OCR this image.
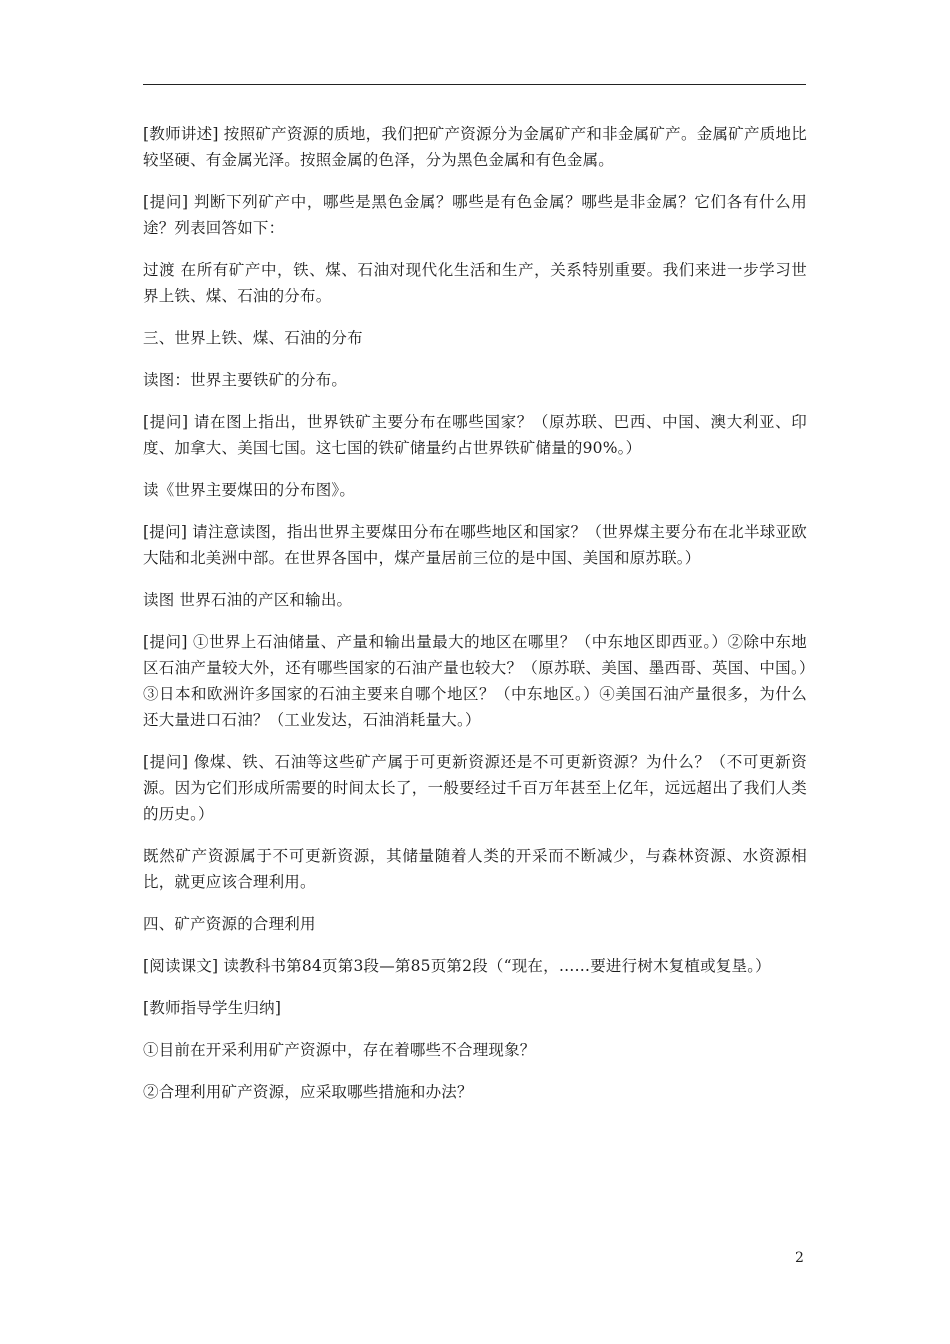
[教师讲述] 按照矿产资源的质地，我们把矿产资源分为金属矿产和非金属矿产。金属矿产质地比较坚硬、有金属光泽。按照金属的色泽，分为黑色金属和有色金属。

[提问] 判断下列矿产中，哪些是黑色金属？哪些是有色金属？哪些是非金属？它们各有什么用途？列表回答如下：

过渡 在所有矿产中，铁、煤、石油对现代化生活和生产，关系特别重要。我们来进一步学习世界上铁、煤、石油的分布。

三、世界上铁、煤、石油的分布

读图：世界主要铁矿的分布。

[提问] 请在图上指出，世界铁矿主要分布在哪些国家？（原苏联、巴西、中国、澳大利亚、印度、加拿大、美国七国。这七国的铁矿储量约占世界铁矿储量的90%。）

读《世界主要煤田的分布图》。

[提问] 请注意读图，指出世界主要煤田分布在哪些地区和国家？（世界煤主要分布在北半球亚欧大陆和北美洲中部。在世界各国中，煤产量居前三位的是中国、美国和原苏联。）

读图 世界石油的产区和输出。

[提问] ①世界上石油储量、产量和输出量最大的地区在哪里？（中东地区即西亚。）②除中东地区石油产量较大外，还有哪些国家的石油产量也较大？（原苏联、美国、墨西哥、英国、中国。）③日本和欧洲许多国家的石油主要来自哪个地区？（中东地区。）④美国石油产量很多，为什么还大量进口石油？（工业发达，石油消耗量大。）

[提问] 像煤、铁、石油等这些矿产属于可更新资源还是不可更新资源？为什么？（不可更新资源。因为它们形成所需要的时间太长了，一般要经过千百万年甚至上亿年，远远超出了我们人类的历史。）

既然矿产资源属于不可更新资源，其储量随着人类的开采而不断减少，与森林资源、水资源相比，就更应该合理利用。

四、矿产资源的合理利用

[阅读课文] 读教科书第84页第3段—第85页第2段（“现在，……要进行树木复植或复垦。）

[教师指导学生归纳]

①目前在开采利用矿产资源中，存在着哪些不合理现象？

②合理利用矿产资源，应采取哪些措施和办法？

2
